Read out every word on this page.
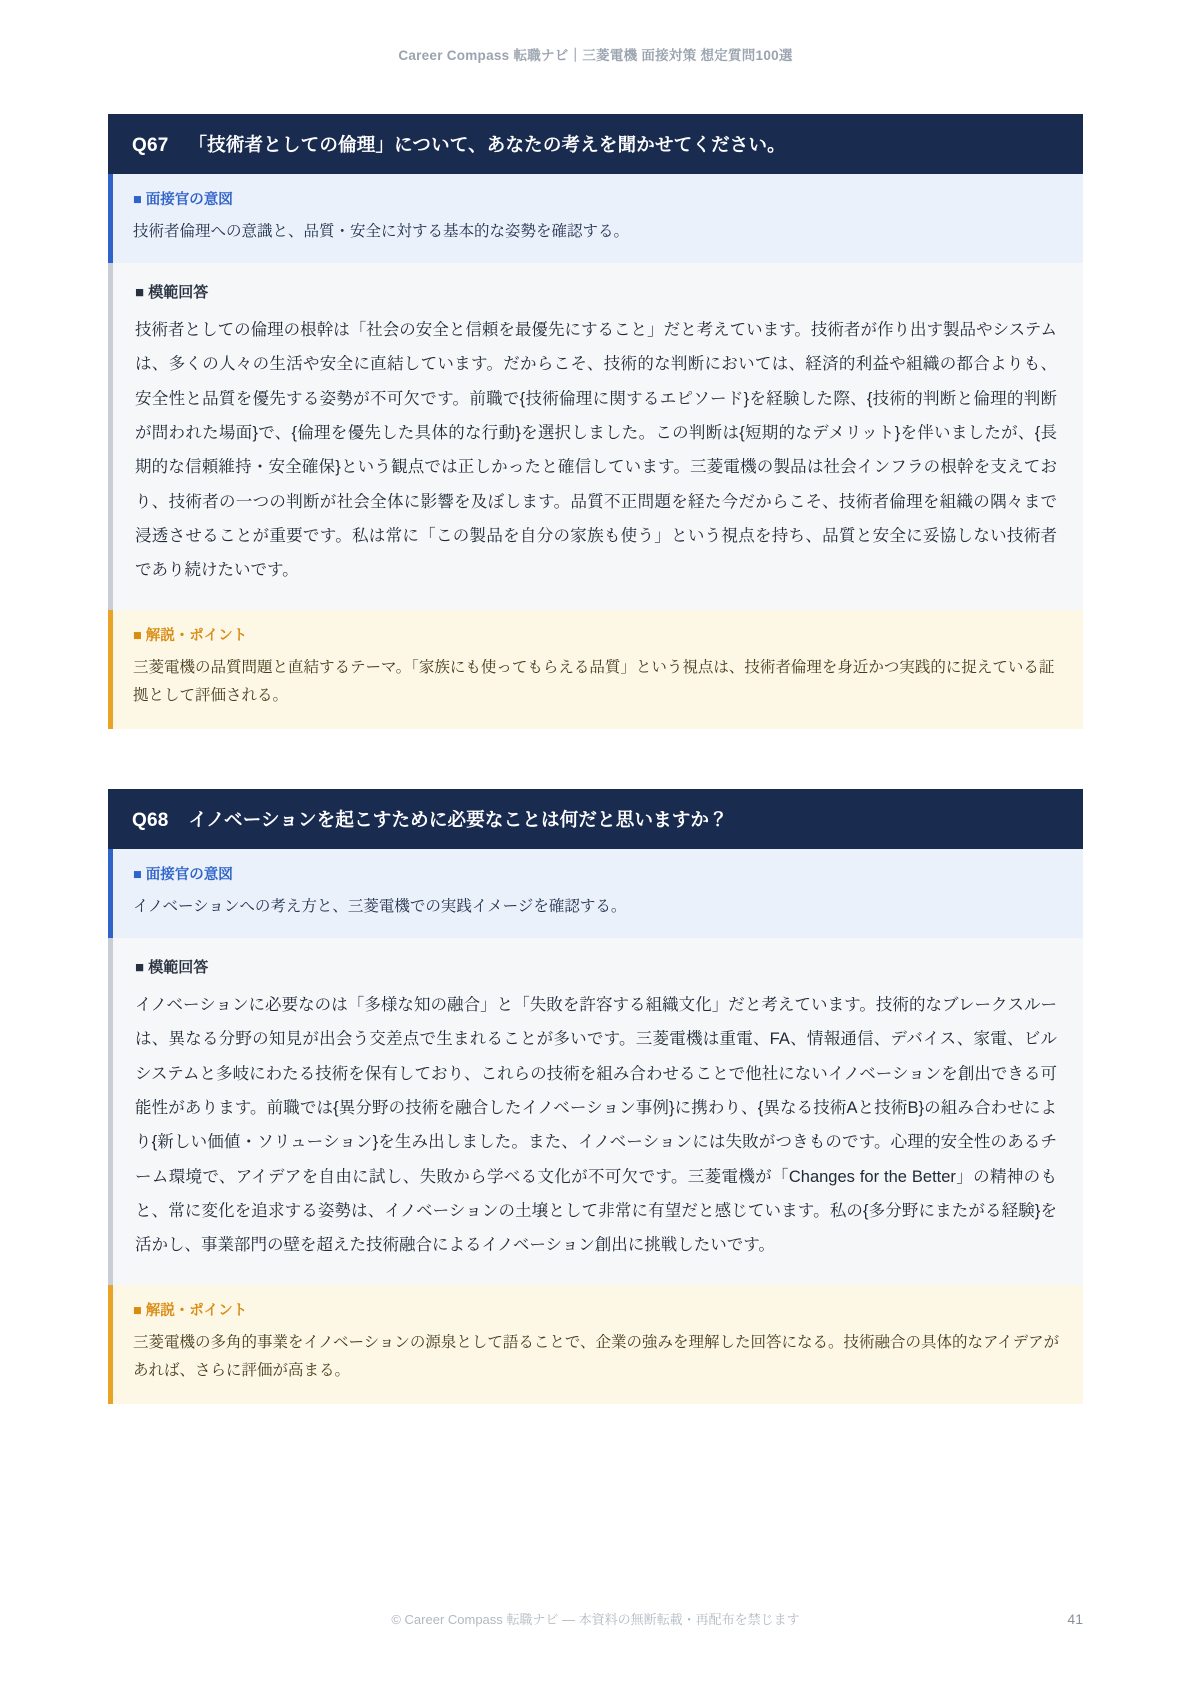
Career Compass 転職ナビ｜三菱電機 面接対策 想定質問100選
Q67 「技術者としての倫理」について、あなたの考えを聞かせてください。
■ 面接官の意図
技術者倫理への意識と、品質・安全に対する基本的な姿勢を確認する。
■ 模範回答
技術者としての倫理の根幹は「社会の安全と信頼を最優先にすること」だと考えています。技術者が作り出す製品やシステムは、多くの人々の生活や安全に直結しています。だからこそ、技術的な判断においては、経済的利益や組織の都合よりも、安全性と品質を優先する姿勢が不可欠です。前職で{技術倫理に関するエピソード}を経験した際、{技術的判断と倫理的判断が問われた場面}で、{倫理を優先した具体的な行動}を選択しました。この判断は{短期的なデメリット}を伴いましたが、{長期的な信頼維持・安全確保}という観点では正しかったと確信しています。三菱電機の製品は社会インフラの根幹を支えており、技術者の一つの判断が社会全体に影響を及ぼします。品質不正問題を経た今だからこそ、技術者倫理を組織の隅々まで浸透させることが重要です。私は常に「この製品を自分の家族も使う」という視点を持ち、品質と安全に妥協しない技術者であり続けたいです。
■ 解説・ポイント
三菱電機の品質問題と直結するテーマ。「家族にも使ってもらえる品質」という視点は、技術者倫理を身近かつ実践的に捉えている証拠として評価される。
Q68 イノベーションを起こすために必要なことは何だと思いますか？
■ 面接官の意図
イノベーションへの考え方と、三菱電機での実践イメージを確認する。
■ 模範回答
イノベーションに必要なのは「多様な知の融合」と「失敗を許容する組織文化」だと考えています。技術的なブレークスルーは、異なる分野の知見が出会う交差点で生まれることが多いです。三菱電機は重電、FA、情報通信、デバイス、家電、ビルシステムと多岐にわたる技術を保有しており、これらの技術を組み合わせることで他社にないイノベーションを創出できる可能性があります。前職では{異分野の技術を融合したイノベーション事例}に携わり、{異なる技術Aと技術B}の組み合わせにより{新しい価値・ソリューション}を生み出しました。また、イノベーションには失敗がつきものです。心理的安全性のあるチーム環境で、アイデアを自由に試し、失敗から学べる文化が不可欠です。三菱電機が「Changes for the Better」の精神のもと、常に変化を追求する姿勢は、イノベーションの土壌として非常に有望だと感じています。私の{多分野にまたがる経験}を活かし、事業部門の壁を超えた技術融合によるイノベーション創出に挑戦したいです。
■ 解説・ポイント
三菱電機の多角的事業をイノベーションの源泉として語ることで、企業の強みを理解した回答になる。技術融合の具体的なアイデアがあれば、さらに評価が高まる。
© Career Compass 転職ナビ ― 本資料の無断転載・再配布を禁じます	41
